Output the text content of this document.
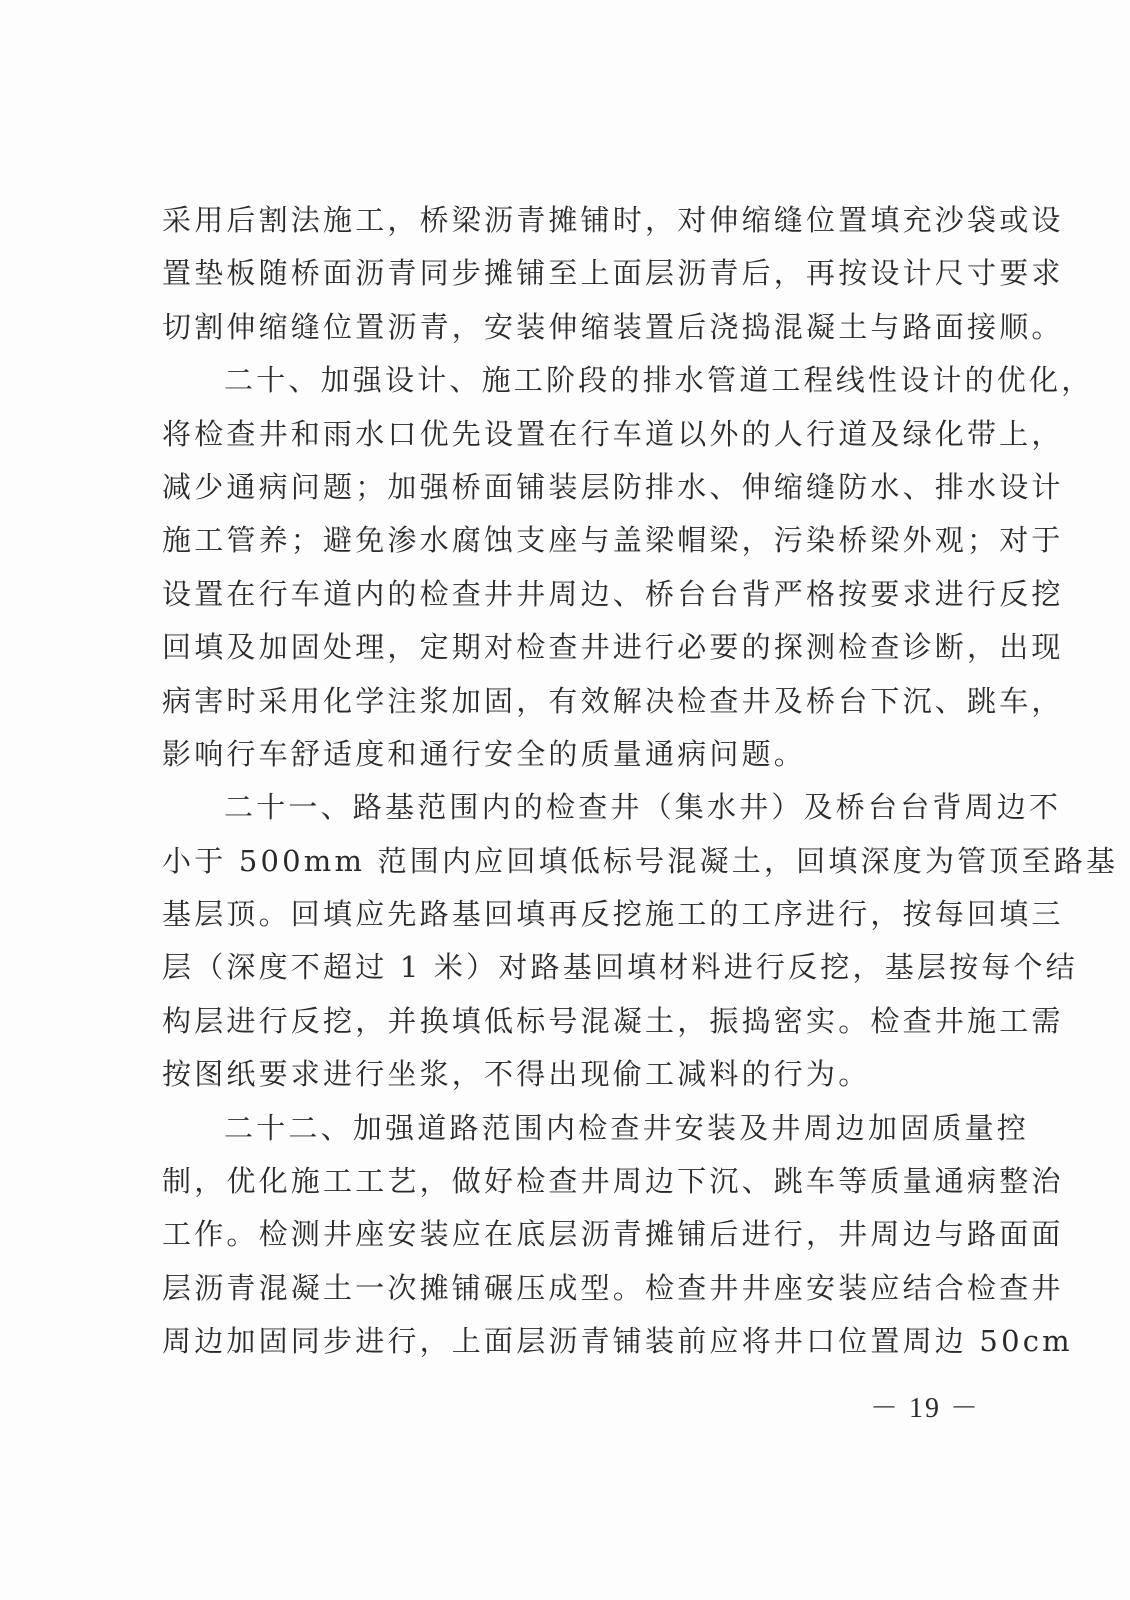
采用后割法施工，桥梁沥青摊铺时，对伸缩缝位置填充沙袋或设
置垫板随桥面沥青同步摊铺至上面层沥青后，再按设计尺寸要求
切割伸缩缝位置沥青，安装伸缩装置后浇捣混凝土与路面接顺。
二十、加强设计、施工阶段的排水管道工程线性设计的优化，
将检查井和雨水口优先设置在行车道以外的人行道及绿化带上，
减少通病问题；加强桥面铺装层防排水、伸缩缝防水、排水设计
施工管养；避免渗水腐蚀支座与盖梁帽梁，污染桥梁外观；对于
设置在行车道内的检查井井周边、桥台台背严格按要求进行反挖
回填及加固处理，定期对检查井进行必要的探测检查诊断，出现
病害时采用化学注浆加固，有效解决检查井及桥台下沉、跳车，
影响行车舒适度和通行安全的质量通病问题。
二十一、路基范围内的检查井（集水井）及桥台台背周边不
小于 500mm 范围内应回填低标号混凝土，回填深度为管顶至路基
基层顶。回填应先路基回填再反挖施工的工序进行，按每回填三
层（深度不超过 1 米）对路基回填材料进行反挖，基层按每个结
构层进行反挖，并换填低标号混凝土，振捣密实。检查井施工需
按图纸要求进行坐浆，不得出现偷工减料的行为。
二十二、加强道路范围内检查井安装及井周边加固质量控
制，优化施工工艺，做好检查井周边下沉、跳车等质量通病整治
工作。检测井座安装应在底层沥青摊铺后进行，井周边与路面面
层沥青混凝土一次摊铺碾压成型。检查井井座安装应结合检查井
周边加固同步进行，上面层沥青铺装前应将井口位置周边 50cm
－ 19 －
